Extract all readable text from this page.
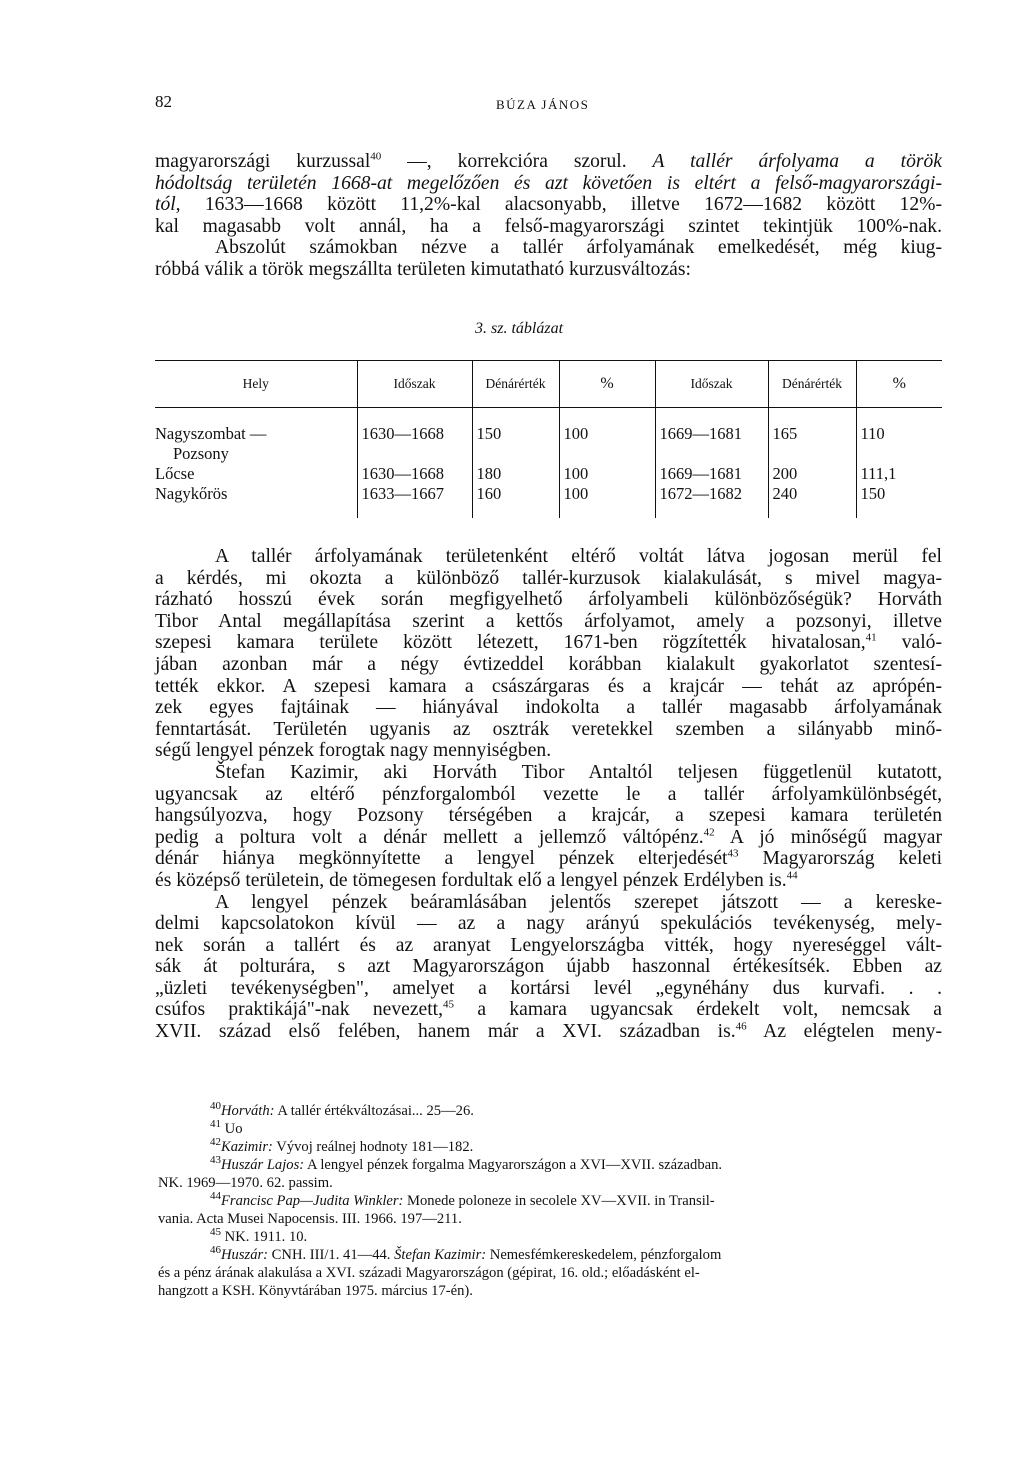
82	BÚZA JÁNOS

magyarországi kurzussal$^{40}$ —, korrekcióra szorul. A tallér árfolyama a török

hódoltság területén 1668-at megelőzően és azt követően is eltért a felső-magyarországi-

tól, 1633—1668 között 11,2%-kal alacsonyabb, illetve 1672—1682 között 12%-

kal magasabb volt annál, ha a felső-magyarországi szintet tekintjük 100%-nak.

Abszolút számokban nézve a tallér árfolyamának emelkedését, még kiug-

róbbá válik a török megszállta területen kimutatható kurzusváltozás:

3. sz. táblázat
Hely	Időszak	Dénárérték	%	Időszak	Dénárérték	%

Nagyszombat —	1630—1668	150	100	1669—1681	165	110
Pozsony						
Lőcse	1630—1668	180	100	1669—1681	200	111,1
Nagykőrös	1633—1667	160	100	1672—1682	240	150

A tallér árfolyamának területenként eltérő voltát látva jogosan merül fel

a kérdés, mi okozta a különböző tallér-kurzusok kialakulását, s mivel magya-

rázható hosszú évek során megfigyelhető árfolyambeli különbözőségük? Horváth

Tibor Antal megállapítása szerint a kettős árfolyamot, amely a pozsonyi, illetve

szepesi kamara területe között létezett, 1671-ben rögzítették hivatalosan,$^{41}$ való-

jában azonban már a négy évtizeddel korábban kialakult gyakorlatot szentesí-

tették ekkor. A szepesi kamara a császárgaras és a krajcár — tehát az aprópén-

zek egyes fajtáinak — hiányával indokolta a tallér magasabb árfolyamának

fenntartását. Területén ugyanis az osztrák veretekkel szemben a silányabb minő-

ségű lengyel pénzek forogtak nagy mennyiségben.

Štefan Kazimir, aki Horváth Tibor Antaltól teljesen függetlenül kutatott,

ugyancsak az eltérő pénzforgalomból vezette le a tallér árfolyamkülönbségét,

hangsúlyozva, hogy Pozsony térségében a krajcár, a szepesi kamara területén

pedig a poltura volt a dénár mellett a jellemző váltópénz.$^{42}$ A jó minőségű magyar

dénár hiánya megkönnyítette a lengyel pénzek elterjedését$^{43}$ Magyarország keleti

és középső területein, de tömegesen fordultak elő a lengyel pénzek Erdélyben is.$^{44}$

A lengyel pénzek beáramlásában jelentős szerepet játszott — a kereske-

delmi kapcsolatokon kívül — az a nagy arányú spekulációs tevékenység, mely-

nek során a tallért és az aranyat Lengyelországba vitték, hogy nyereséggel vált-

sák át polturára, s azt Magyarországon újabb haszonnal értékesítsék. Ebben az

„üzleti tevékenységben", amelyet a kortársi levél „egynéhány dus kurvafi. . .

csúfos praktikájá"-nak nevezett,$^{45}$ a kamara ugyancsak érdekelt volt, nemcsak a

XVII. század első felében, hanem már a XVI. században is.$^{46}$ Az elégtelen meny-

$^{40}$Horváth: A tallér értékváltozásai... 25—26.

$^{41}$ Uo

$^{42}$Kazimir: Vývoj reálnej hodnoty 181—182.

$^{43}$Huszár Lajos: A lengyel pénzek forgalma Magyarországon a XVI—XVII. században.

NK. 1969—1970. 62. passim.

$^{44}$Francisc Pap—Judita Winkler: Monede poloneze in secolele XV—XVII. in Transil-

vania. Acta Musei Napocensis. III. 1966. 197—211.

$^{45}$ NK. 1911. 10.

$^{46}$Huszár: CNH. III/1. 41—44. Štefan Kazimir: Nemesfémkereskedelem, pénzforgalom

és a pénz árának alakulása a XVI. századi Magyarországon (gépirat, 16. old.; előadásként el-

hangzott a KSH. Könyvtárában 1975. március 17-én).
